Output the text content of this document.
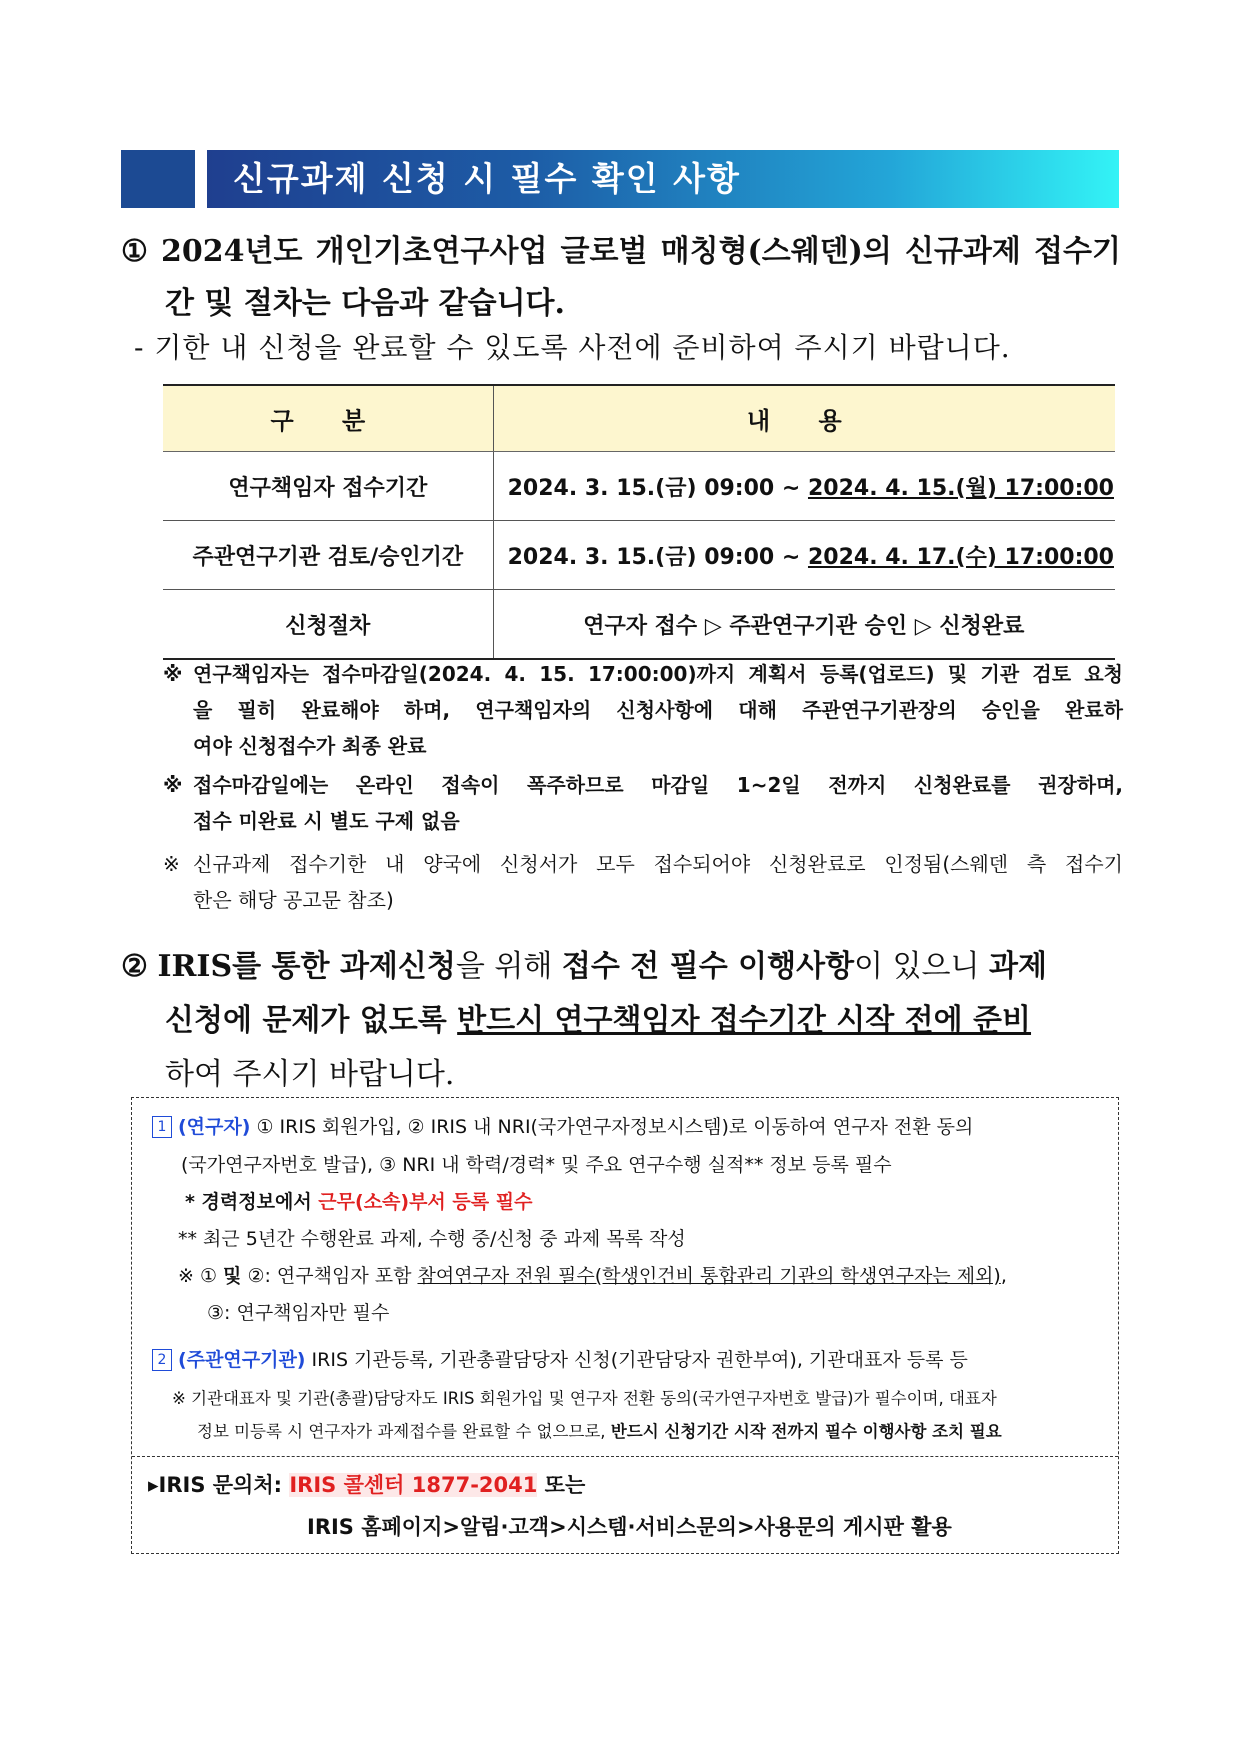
신규과제 신청 시 필수 확인 사항
① 2024년도 개인기초연구사업 글로벌 매칭형(스웨덴)의 신규과제 접수기
간 및 절차는 다음과 같습니다.
- 기한 내 신청을 완료할 수 있도록 사전에 준비하여 주시기 바랍니다.
구 분	내 용
연구책임자 접수기간	2024. 3. 15.(금) 09:00 ~ 2024. 4. 15.(월) 17:00:00
주관연구기관 검토/승인기간	2024. 3. 15.(금) 09:00 ~ 2024. 4. 17.(수) 17:00:00
신청절차	연구자 접수 ▷ 주관연구기관 승인 ▷ 신청완료
※ 연구책임자는 접수마감일(2024. 4. 15. 17:00:00)까지 계획서 등록(업로드) 및 기관 검토 요청
을 필히 완료해야 하며, 연구책임자의 신청사항에 대해 주관연구기관장의 승인을 완료하
여야 신청접수가 최종 완료
※ 접수마감일에는 온라인 접속이 폭주하므로 마감일 1~2일 전까지 신청완료를 권장하며,
접수 미완료 시 별도 구제 없음
※ 신규과제 접수기한 내 양국에 신청서가 모두 접수되어야 신청완료로 인정됨(스웨덴 측 접수기
한은 해당 공고문 참조)
② IRIS를 통한 과제신청을 위해 접수 전 필수 이행사항이 있으니 과제
신청에 문제가 없도록 반드시 연구책임자 접수기간 시작 전에 준비
하여 주시기 바랍니다.
1 (연구자) ① IRIS 회원가입, ② IRIS 내 NRI(국가연구자정보시스템)로 이동하여 연구자 전환 동의
(국가연구자번호 발급), ③ NRI 내 학력/경력* 및 주요 연구수행 실적** 정보 등록 필수
* 경력정보에서 근무(소속)부서 등록 필수
** 최근 5년간 수행완료 과제, 수행 중/신청 중 과제 목록 작성
※ ① 및 ②: 연구책임자 포함 참여연구자 전원 필수(학생인건비 통합관리 기관의 학생연구자는 제외),
③: 연구책임자만 필수
2 (주관연구기관) IRIS 기관등록, 기관총괄담당자 신청(기관담당자 권한부여), 기관대표자 등록 등
※ 기관대표자 및 기관(총괄)담당자도 IRIS 회원가입 및 연구자 전환 동의(국가연구자번호 발급)가 필수이며, 대표자
정보 미등록 시 연구자가 과제접수를 완료할 수 없으므로, 반드시 신청기간 시작 전까지 필수 이행사항 조치 필요
▸IRIS 문의처: IRIS 콜센터 1877-2041 또는
IRIS 홈페이지>알림·고객>시스템·서비스문의>사용문의 게시판 활용
